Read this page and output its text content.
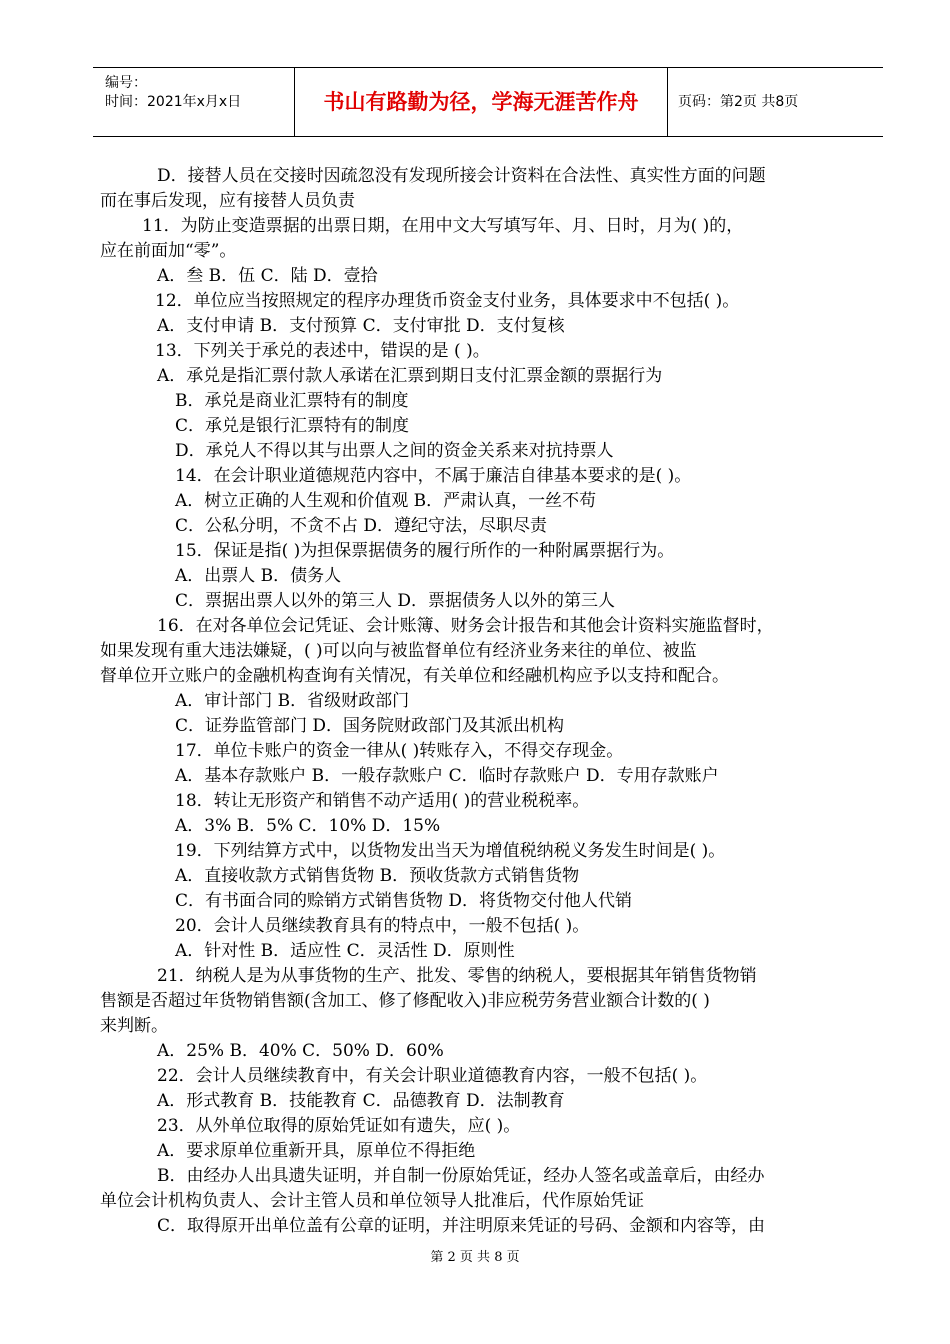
编号：
时间：2021年x月x日	书山有路勤为径，学海无涯苦作舟	页码：第2页 共8页
D．接替人员在交接时因疏忽没有发现所接会计资料在合法性、真实性方面的问题
而在事后发现，应有接替人员负责
11．为防止变造票据的出票日期，在用中文大写填写年、月、日时，月为( )的，
应在前面加“零”。
A．叁 B．伍 C．陆 D．壹拾
12．单位应当按照规定的程序办理货币资金支付业务，具体要求中不包括( )。
A．支付申请 B．支付预算 C．支付审批 D．支付复核
13．下列关于承兑的表述中，错误的是 ( )。
A．承兑是指汇票付款人承诺在汇票到期日支付汇票金额的票据行为
B．承兑是商业汇票特有的制度
C．承兑是银行汇票特有的制度
D．承兑人不得以其与出票人之间的资金关系来对抗持票人
14．在会计职业道德规范内容中，不属于廉洁自律基本要求的是( )。
A．树立正确的人生观和价值观 B．严肃认真，一丝不苟
C．公私分明，不贪不占 D．遵纪守法，尽职尽责
15．保证是指( )为担保票据债务的履行所作的一种附属票据行为。
A．出票人 B．债务人
C．票据出票人以外的第三人 D．票据债务人以外的第三人
16．在对各单位会记凭证、会计账簿、财务会计报告和其他会计资料实施监督时，
如果发现有重大违法嫌疑，( )可以向与被监督单位有经济业务来往的单位、被监
督单位开立账户的金融机构查询有关情况，有关单位和经融机构应予以支持和配合。
A．审计部门 B．省级财政部门
C．证券监管部门 D．国务院财政部门及其派出机构
17．单位卡账户的资金一律从( )转账存入，不得交存现金。
A．基本存款账户 B．一般存款账户 C．临时存款账户 D．专用存款账户
18．转让无形资产和销售不动产适用( )的营业税税率。
A．3% B．5% C．10% D．15%
19．下列结算方式中，以货物发出当天为增值税纳税义务发生时间是( )。
A．直接收款方式销售货物 B．预收货款方式销售货物
C．有书面合同的赊销方式销售货物 D．将货物交付他人代销
20．会计人员继续教育具有的特点中，一般不包括( )。
A．针对性 B．适应性 C．灵活性 D．原则性
21．纳税人是为从事货物的生产、批发、零售的纳税人，要根据其年销售货物销
售额是否超过年货物销售额(含加工、修了修配收入)非应税劳务营业额合计数的( )
来判断。
A．25% B．40% C．50% D．60%
22．会计人员继续教育中，有关会计职业道德教育内容，一般不包括( )。
A．形式教育 B．技能教育 C．品德教育 D．法制教育
23．从外单位取得的原始凭证如有遗失，应( )。
A．要求原单位重新开具，原单位不得拒绝
B．由经办人出具遗失证明，并自制一份原始凭证，经办人签名或盖章后，由经办
单位会计机构负责人、会计主管人员和单位领导人批准后，代作原始凭证
C．取得原开出单位盖有公章的证明，并注明原来凭证的号码、金额和内容等，由
第 2 页 共 8 页
